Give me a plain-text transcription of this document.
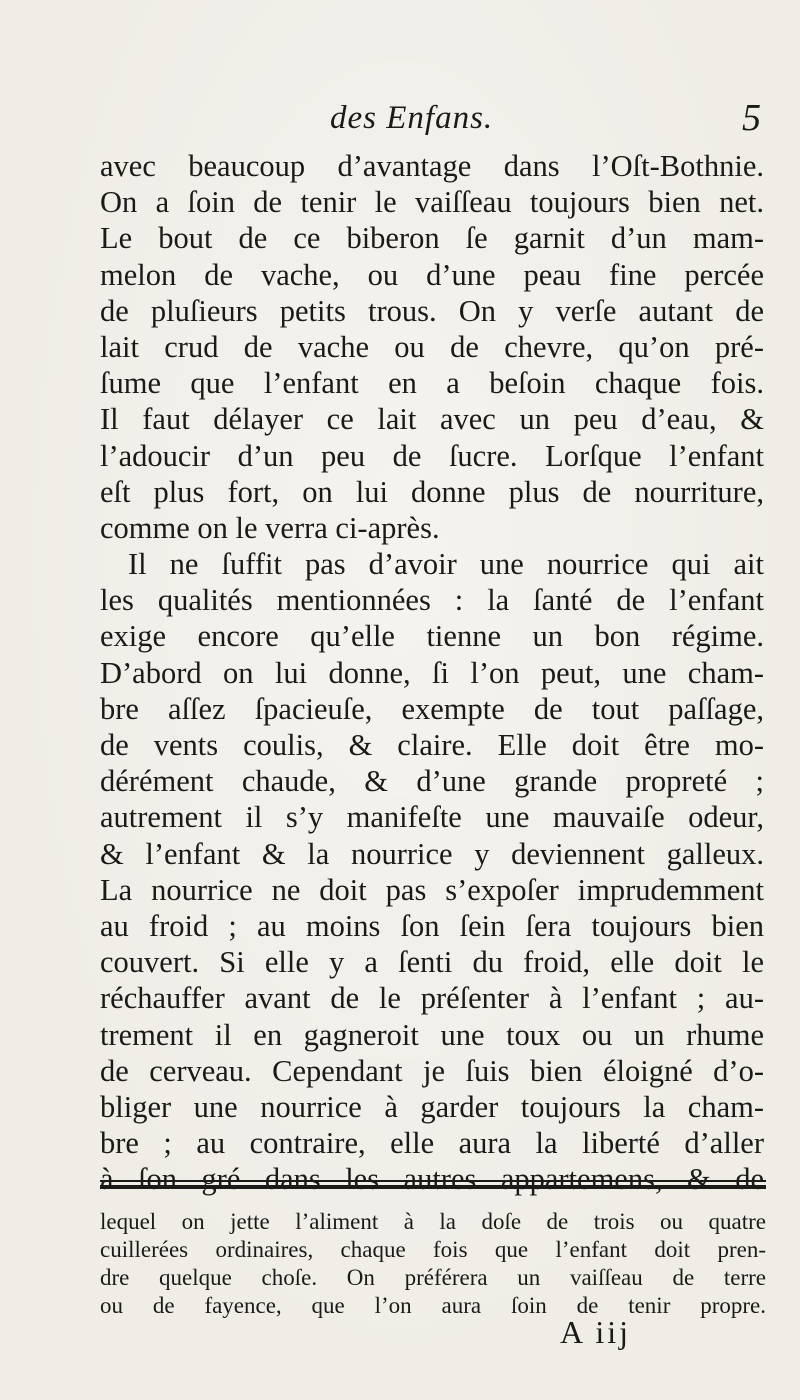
des Enfans.	5
avec beaucoup d’avantage dans l’Oſt-Bothnie.
On a ſoin de tenir le vaiſſeau toujours bien net.
Le bout de ce biberon ſe garnit d’un mam-
melon de vache, ou d’une peau fine percée
de pluſieurs petits trous. On y verſe autant de
lait crud de vache ou de chevre, qu’on pré-
ſume que l’enfant en a beſoin chaque fois.
Il faut délayer ce lait avec un peu d’eau, &
l’adoucir d’un peu de ſucre. Lorſque l’enfant
eſt plus fort, on lui donne plus de nourriture,
comme on le verra ci-après.
Il ne ſuffit pas d’avoir une nourrice qui ait
les qualités mentionnées : la ſanté de l’enfant
exige encore qu’elle tienne un bon régime.
D’abord on lui donne, ſi l’on peut, une cham-
bre aſſez ſpacieuſe, exempte de tout paſſage,
de vents coulis, & claire. Elle doit être mo-
dérément chaude, & d’une grande propreté ;
autrement il s’y manifeſte une mauvaiſe odeur,
& l’enfant & la nourrice y deviennent galleux.
La nourrice ne doit pas s’expoſer imprudemment
au froid ; au moins ſon ſein ſera toujours bien
couvert. Si elle y a ſenti du froid, elle doit le
réchauffer avant de le préſenter à l’enfant ; au-
trement il en gagneroit une toux ou un rhume
de cerveau. Cependant je ſuis bien éloigné d’o-
bliger une nourrice à garder toujours la cham-
bre ; au contraire, elle aura la liberté d’aller
à ſon gré dans les autres appartemens, & de
lequel on jette l’aliment à la doſe de trois ou quatre
cuillerées ordinaires, chaque fois que l’enfant doit pren-
dre quelque choſe. On préférera un vaiſſeau de terre
ou de fayence, que l’on aura ſoin de tenir propre.
A iij
